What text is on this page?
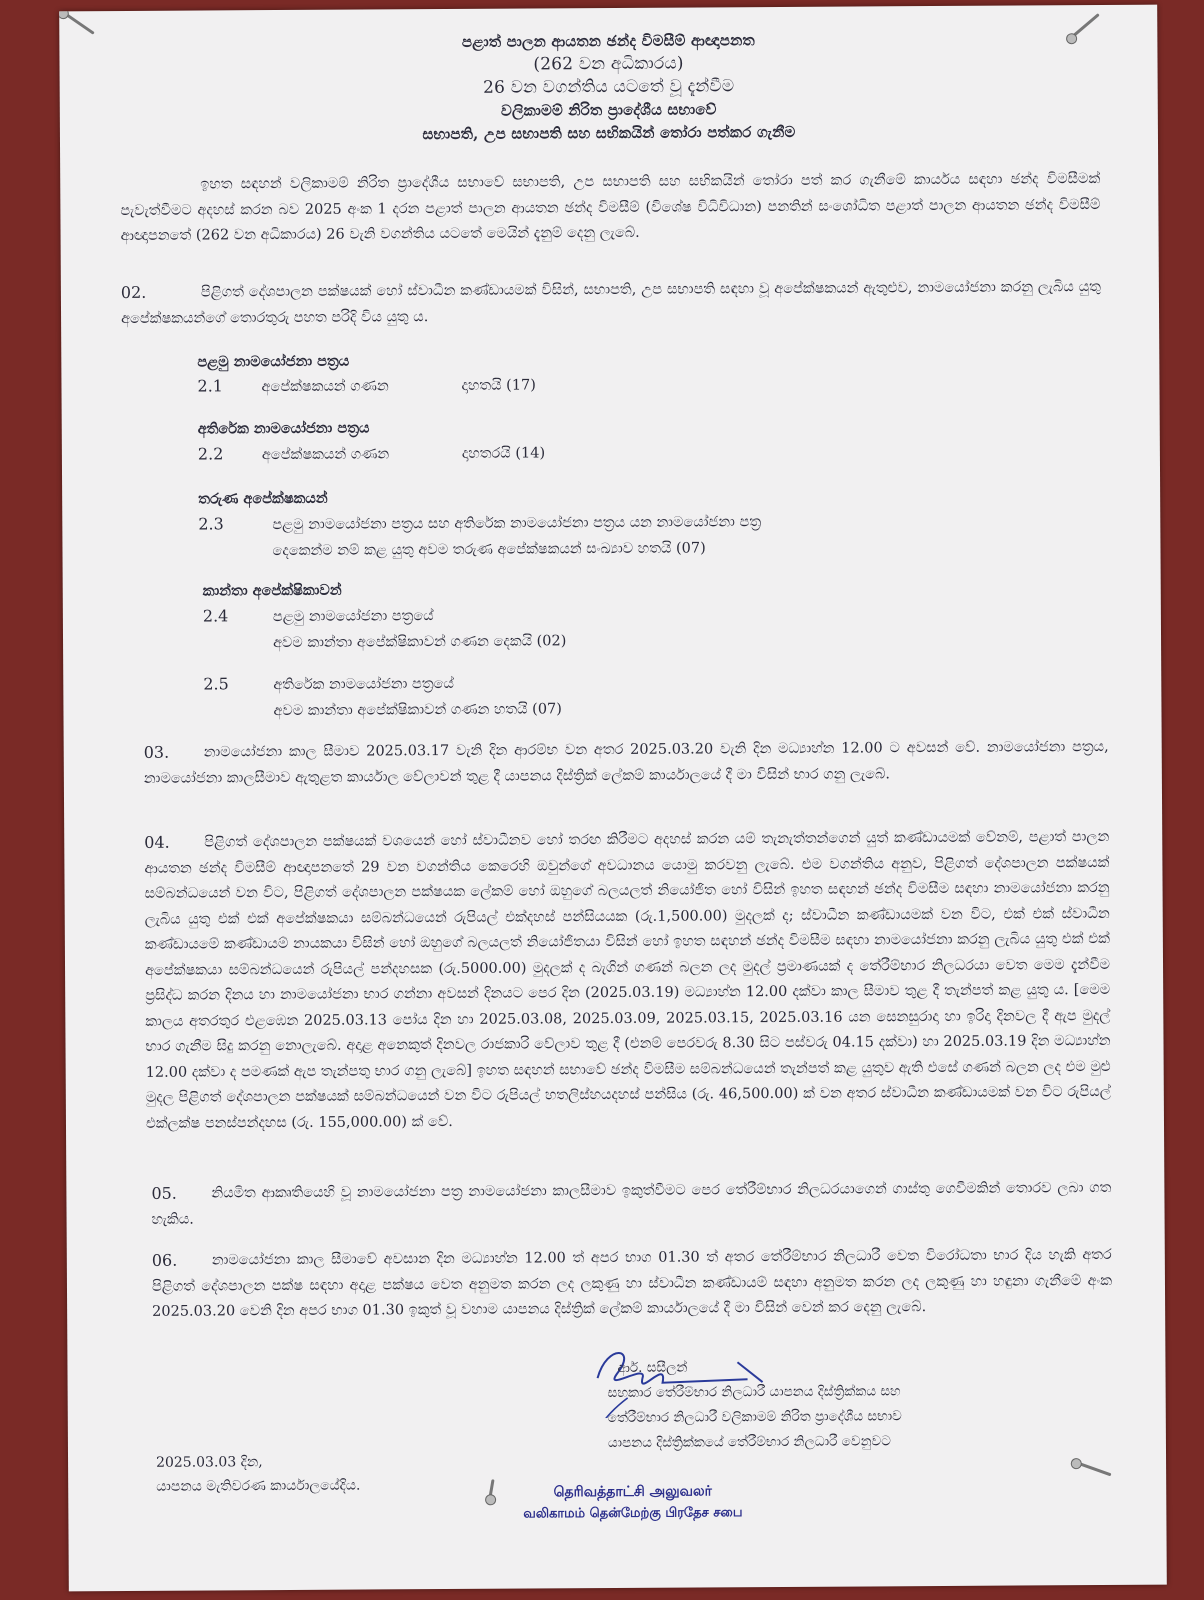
පළාත් පාලන ආයතන ඡන්ද විමසීම් ආඥාපනත
(262 වන අධිකාරය)
26 වන වගන්තිය යටතේ වූ දැන්වීම
වලිකාමම් නිරිත ප්‍රාදේශීය සභාවේ
සභාපති, උප සභාපති සහ සභිකයින් තෝරා පත්කර ගැනීම
ඉහත සඳහන් වලිකාමම් නිරිත ප්‍රාදේශීය සභාවේ සභාපති, උප සභාපති සහ සභිකයින් තෝරා පත් කර ගැනීමේ කාර්යය සඳහා ඡන්ද විමසීමක් පැවැත්වීමට අදහස් කරන බව 2025 අංක 1 දරන පළාත් පාලන ආයතන ඡන්ද විමසීම් (විශේෂ විධිවිධාන) පනතින් සංශෝධිත පළාත් පාලන ආයතන ඡන්ද විමසීම් ආඥාපනතේ (262 වන අධිකාරය) 26 වැනි වගන්තිය යටතේ මෙයින් දැනුම් දෙනු ලැබේ.
02.	පිළිගත් දේශපාලන පක්ෂයක් හෝ ස්වාධීන කණ්ඩායමක් විසින්, සභාපති, උප සභාපති සඳහා වූ අපේක්ෂකයන් ඇතුළුව, නාමයෝජනා කරනු ලැබිය යුතු අපේක්ෂකයන්ගේ තොරතුරු පහත පරිදි විය යුතු ය.
පළමු නාමයෝජනා පත්‍රය
2.1	අපේක්ෂකයන් ගණන	දාහතයි (17)
අතිරේක නාමයෝජනා පත්‍රය
2.2	අපේක්ෂකයන් ගණන	දාහතරයි (14)
තරුණ අපේක්ෂකයන්
2.3	පළමු නාමයෝජනා පත්‍රය සහ අතිරේක නාමයෝජනා පත්‍රය යන නාමයෝජනා පත්‍ර
දෙකෙන්ම නම් කළ යුතු අවම තරුණ අපේක්ෂකයන් සංඛ්‍යාව හතයි (07)
කාන්තා අපේක්ෂිකාවන්
2.4	පළමු නාමයෝජනා පත්‍රයේ
අවම කාන්තා අපේක්ෂිකාවන් ගණන දෙකයි (02)
2.5	අතිරේක නාමයෝජනා පත්‍රයේ
අවම කාන්තා අපේක්ෂිකාවන් ගණන හතයි (07)
03.	නාමයෝජනා කාල සීමාව 2025.03.17 වැනි දින ආරම්භ වන අතර 2025.03.20 වැනි දින මධ්‍යාහ්න 12.00 ට අවසන් වේ. නාමයෝජනා පත්‍රය, නාමයෝජනා කාලසීමාව ඇතුළත කාර්යාල වේලාවන් තුළ දී යාපනය දිස්ත්‍රික් ලේකම් කාර්යාලයේ දී මා විසින් භාර ගනු ලැබේ.
04.	පිළිගත් දේශපාලන පක්ෂයක් වශයෙන් හෝ ස්වාධීනව හෝ තරඟ කිරීමට අදහස් කරන යම් තැනැත්තන්ගෙන් යුත් කණ්ඩායමක් වේනම්, පළාත් පාලන ආයතන ඡන්ද විමසීම් ආඥාපනතේ 29 වන වගන්තිය කෙරෙහි ඔවුන්ගේ අවධානය යොමු කරවනු ලැබේ. එම වගන්තිය අනුව, පිළිගත් දේශපාලන පක්ෂයක් සම්බන්ධයෙන් වන විට, පිළිගත් දේශපාලන පක්ෂයක ලේකම් හෝ ඔහුගේ බලයලත් නියෝජිත හෝ විසින් ඉහත සඳහන් ඡන්ද විමසීම සඳහා නාමයෝජනා කරනු ලැබිය යුතු එක් එක් අපේක්ෂකයා සම්බන්ධයෙන් රුපියල් එක්දහස් පන්සියයක (රු.1,500.00) මුදලක් ද; ස්වාධීන කණ්ඩායමක් වන විට, එක් එක් ස්වාධීන කණ්ඩායමේ කණ්ඩායම් නායකයා විසින් හෝ ඔහුගේ බලයලත් නියෝජිතයා විසින් හෝ ඉහත සඳහන් ඡන්ද විමසීම සඳහා නාමයෝජනා කරනු ලැබිය යුතු එක් එක් අපේක්ෂකයා සම්බන්ධයෙන් රුපියල් පන්දහසක (රු.5000.00) මුදලක් ද බැගින් ගණන් බලන ලද මුදල් ප්‍රමාණයක් ද තේරීම්භාර නිලධරයා වෙත මෙම දැන්වීම ප්‍රසිද්ධ කරන දිනය හා නාමයෝජනා භාර ගන්නා අවසන් දිනයට පෙර දින (2025.03.19) මධ්‍යාහ්න 12.00 දක්වා කාල සීමාව තුළ දී තැන්පත් කළ යුතු ය. [මෙම කාලය අතරතුර එළඹෙන 2025.03.13 පෝය දින හා 2025.03.08, 2025.03.09, 2025.03.15, 2025.03.16 යන සෙනසුරාදා හා ඉරිදා දිනවල දී ඇප මුදල් භාර ගැනීම සිදු කරනු නොලැබේ. අදාළ අනෙකුත් දිනවල රාජකාරි වේලාව තුළ දී (එනම් පෙරවරු 8.30 සිට පස්වරු 04.15 දක්වා) හා 2025.03.19 දින මධ්‍යාහ්න 12.00 දක්වා ද පමණක් ඇප තැන්පතු භාර ගනු ලැබේ] ඉහත සඳහන් සභාවේ ඡන්ද විමසීම සම්බන්ධයෙන් තැන්පත් කළ යුතුව ඇති එසේ ගණන් බලන ලද එම මුළු මුදල පිළිගත් දේශපාලන පක්ෂයක් සම්බන්ධයෙන් වන විට රුපියල් හතලිස්හයදහස් පන්සිය (රු. 46,500.00) ක් වන අතර ස්වාධීන කණ්ඩායමක් වන විට රුපියල් එක්ලක්ෂ පනස්පන්දහස (රු. 155,000.00) ක් වේ.
05.	නියමිත ආකෘතියෙහි වූ නාමයෝජනා පත්‍ර නාමයෝජනා කාලසීමාව ඉකුත්වීමට පෙර තේරීම්භාර නිලධරයාගෙන් ගාස්තු ගෙවීමකින් තොරව ලබා ගත හැකිය.
06.	නාමයෝජනා කාල සීමාවේ අවසාන දින මධ්‍යාහ්න 12.00 ත් අපර භාග 01.30 ත් අතර තේරීම්භාර නිලධාරී වෙත විරෝධතා භාර දිය හැකි අතර පිළිගත් දේශපාලන පක්ෂ සඳහා අදාළ පක්ෂය වෙත අනුමත කරන ලද ලකුණු හා ස්වාධීන කණ්ඩායම් සඳහා අනුමත කරන ලද ලකුණු හා හඳුනා ගැනීමේ අංක 2025.03.20 වෙනි දින අපර භාග 01.30 ඉකුත් වූ වහාම යාපනය දිස්ත්‍රික් ලේකම් කාර්යාලයේ දී මා විසින් වෙන් කර දෙනු ලැබේ.
ආර්. සසීලන්
සහකාර තේරීම්භාර නිලධාරී යාපනය දිස්ත්‍රික්කය සහ
තේරීම්භාර නිලධාරී වලිකාමම් නිරිත ප්‍රාදේශීය සභාව
යාපනය දිස්ත්‍රික්කයේ තේරීම්භාර නිලධාරී වෙනුවට
2025.03.03 දින,
යාපනය මැතිවරණ කාර්යාලයේදිය.	தெரிவத்தாட்சி அலுவலர்
வலிகாமம் தென்மேற்கு பிரதேச சபை
